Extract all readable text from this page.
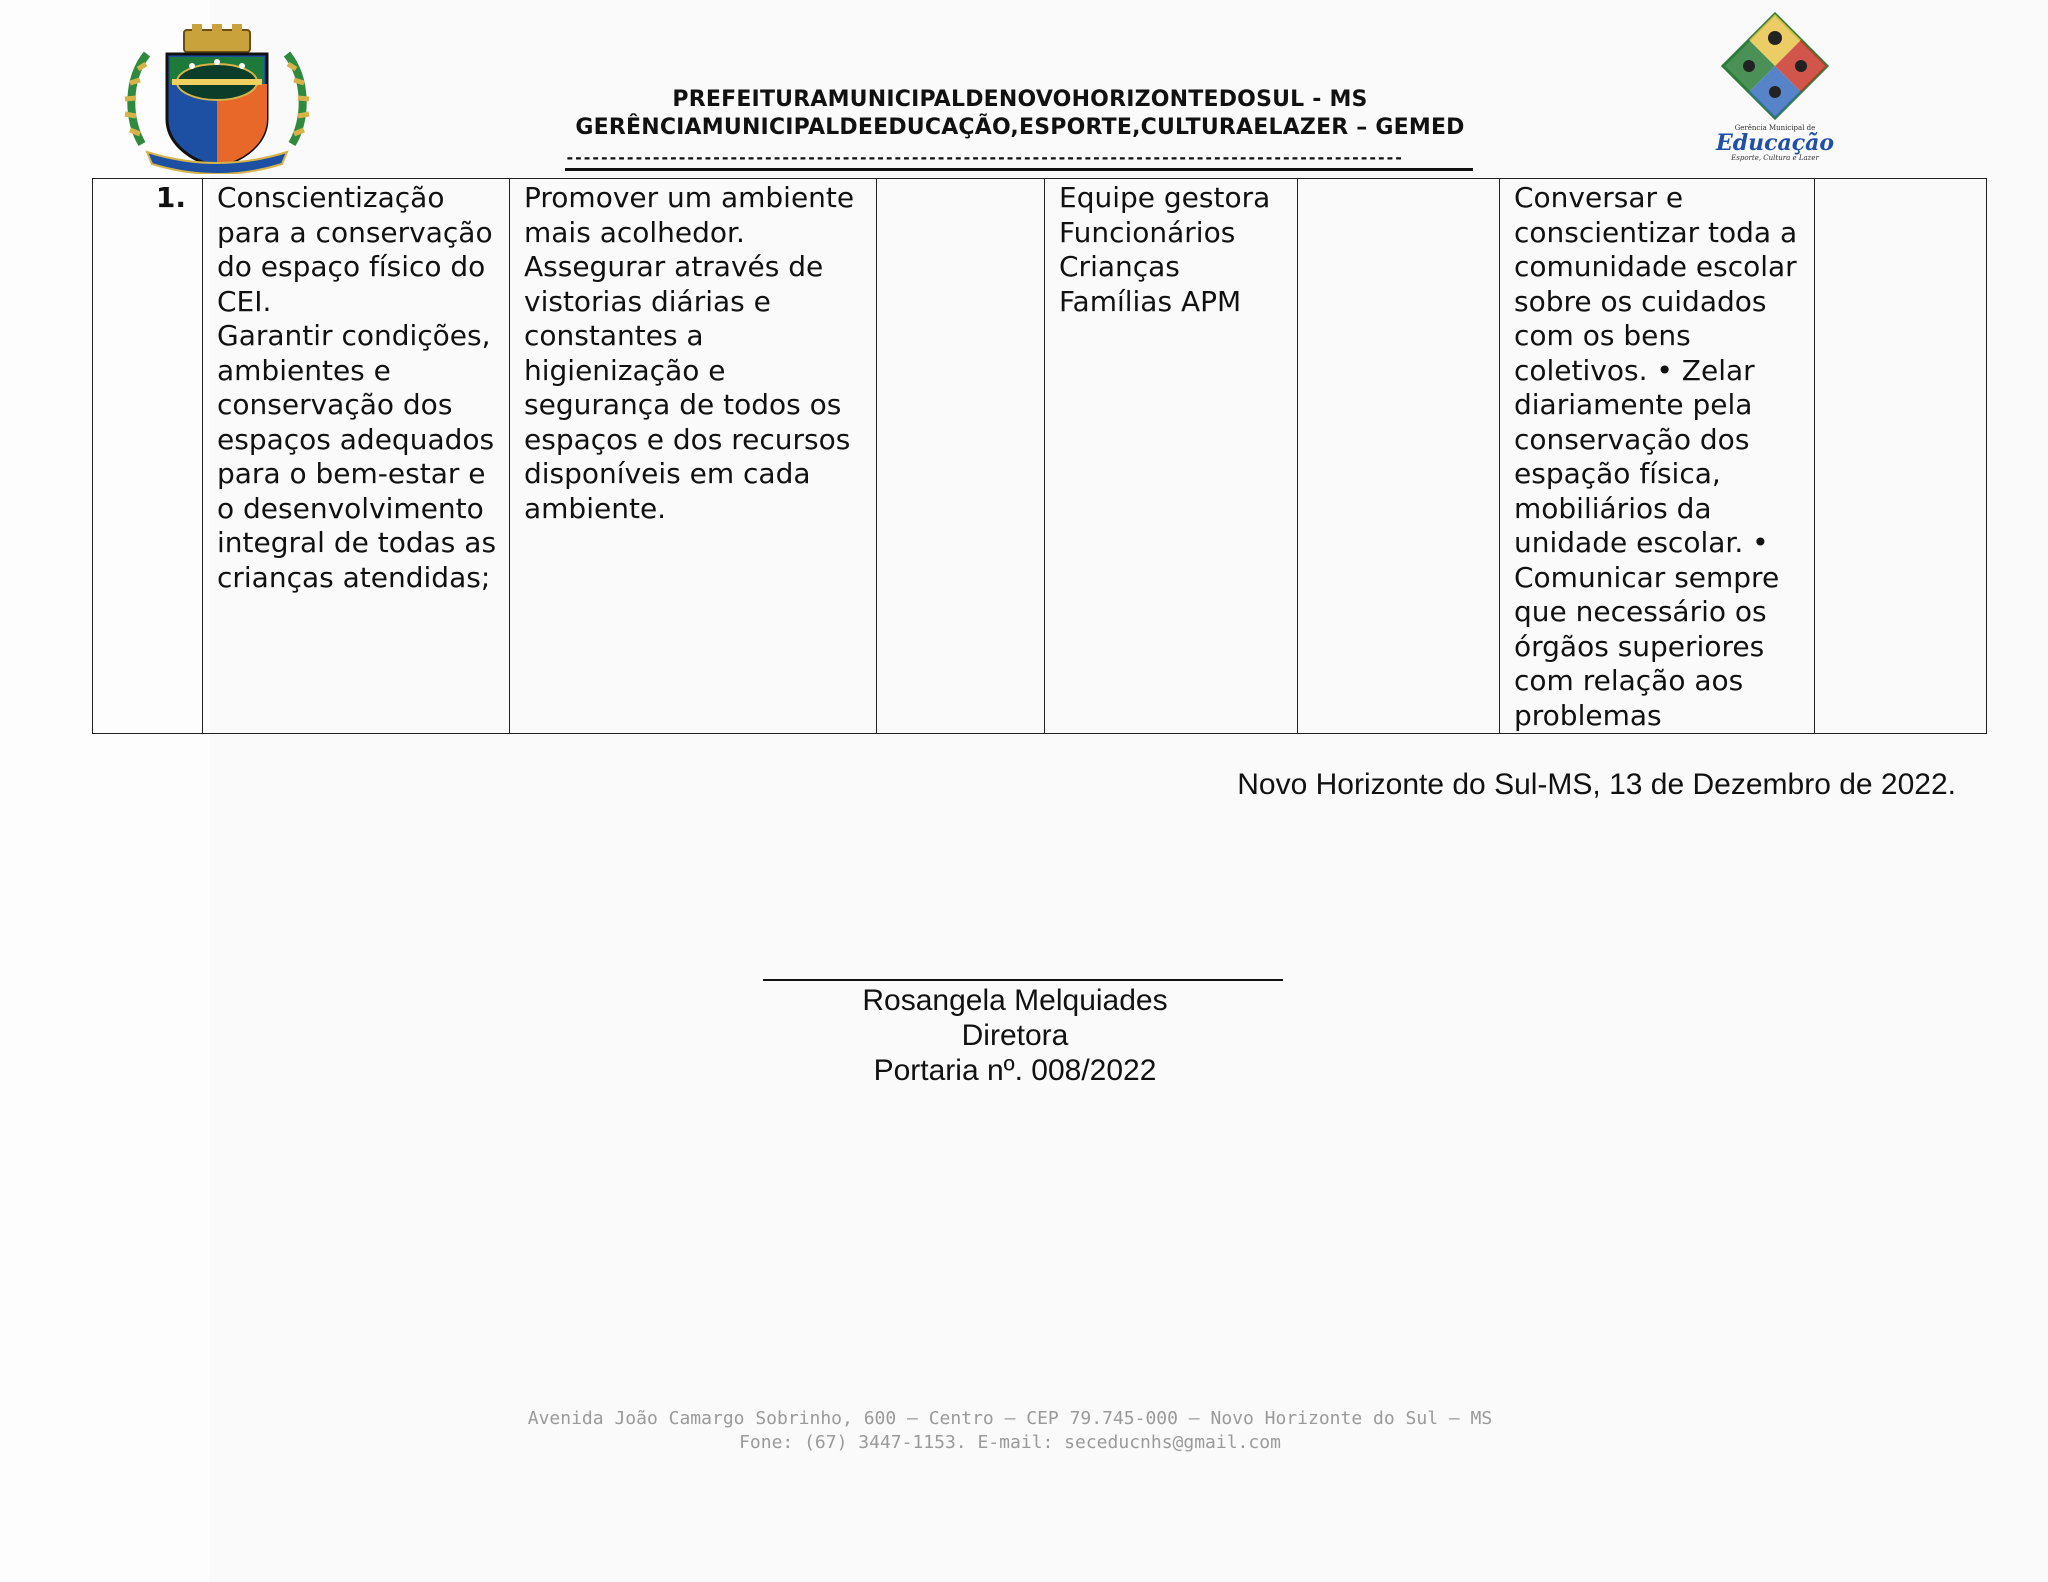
Gerência Municipal de
Educação
Esporte, Cultura e Lazer
PREFEITURAMUNICIPALDENOVOHORIZONTEDOSUL - MS
GERÊNCIAMUNICIPALDEEDUCAÇÃO,ESPORTE,CULTURAELAZER – GEMED
-------------------------------------------------------------------------------------------------
1.	Conscientização para a conservação do espaço físico do CEI.
Garantir condições, ambientes e conservação dos espaços adequados para o bem-estar e o desenvolvimento integral de todas as crianças atendidas;	Promover um ambiente mais acolhedor. Assegurar através de vistorias diárias e constantes a higienização e segurança de todos os espaços e dos recursos disponíveis em cada ambiente.		Equipe gestora
Funcionários
Crianças
Famílias APM		Conversar e conscientizar toda a comunidade escolar sobre os cuidados com os bens coletivos. • Zelar diariamente pela conservação dos espação física, mobiliários da unidade escolar. • Comunicar sempre que necessário os órgãos superiores com relação aos problemas	
Novo Horizonte do Sul-MS, 13 de Dezembro de 2022.
Rosangela Melquiades
Diretora
Portaria nº. 008/2022
Avenida João Camargo Sobrinho, 600 – Centro – CEP 79.745-000 – Novo Horizonte do Sul – MS
Fone: (67) 3447-1153. E-mail: seceducnhs@gmail.com
